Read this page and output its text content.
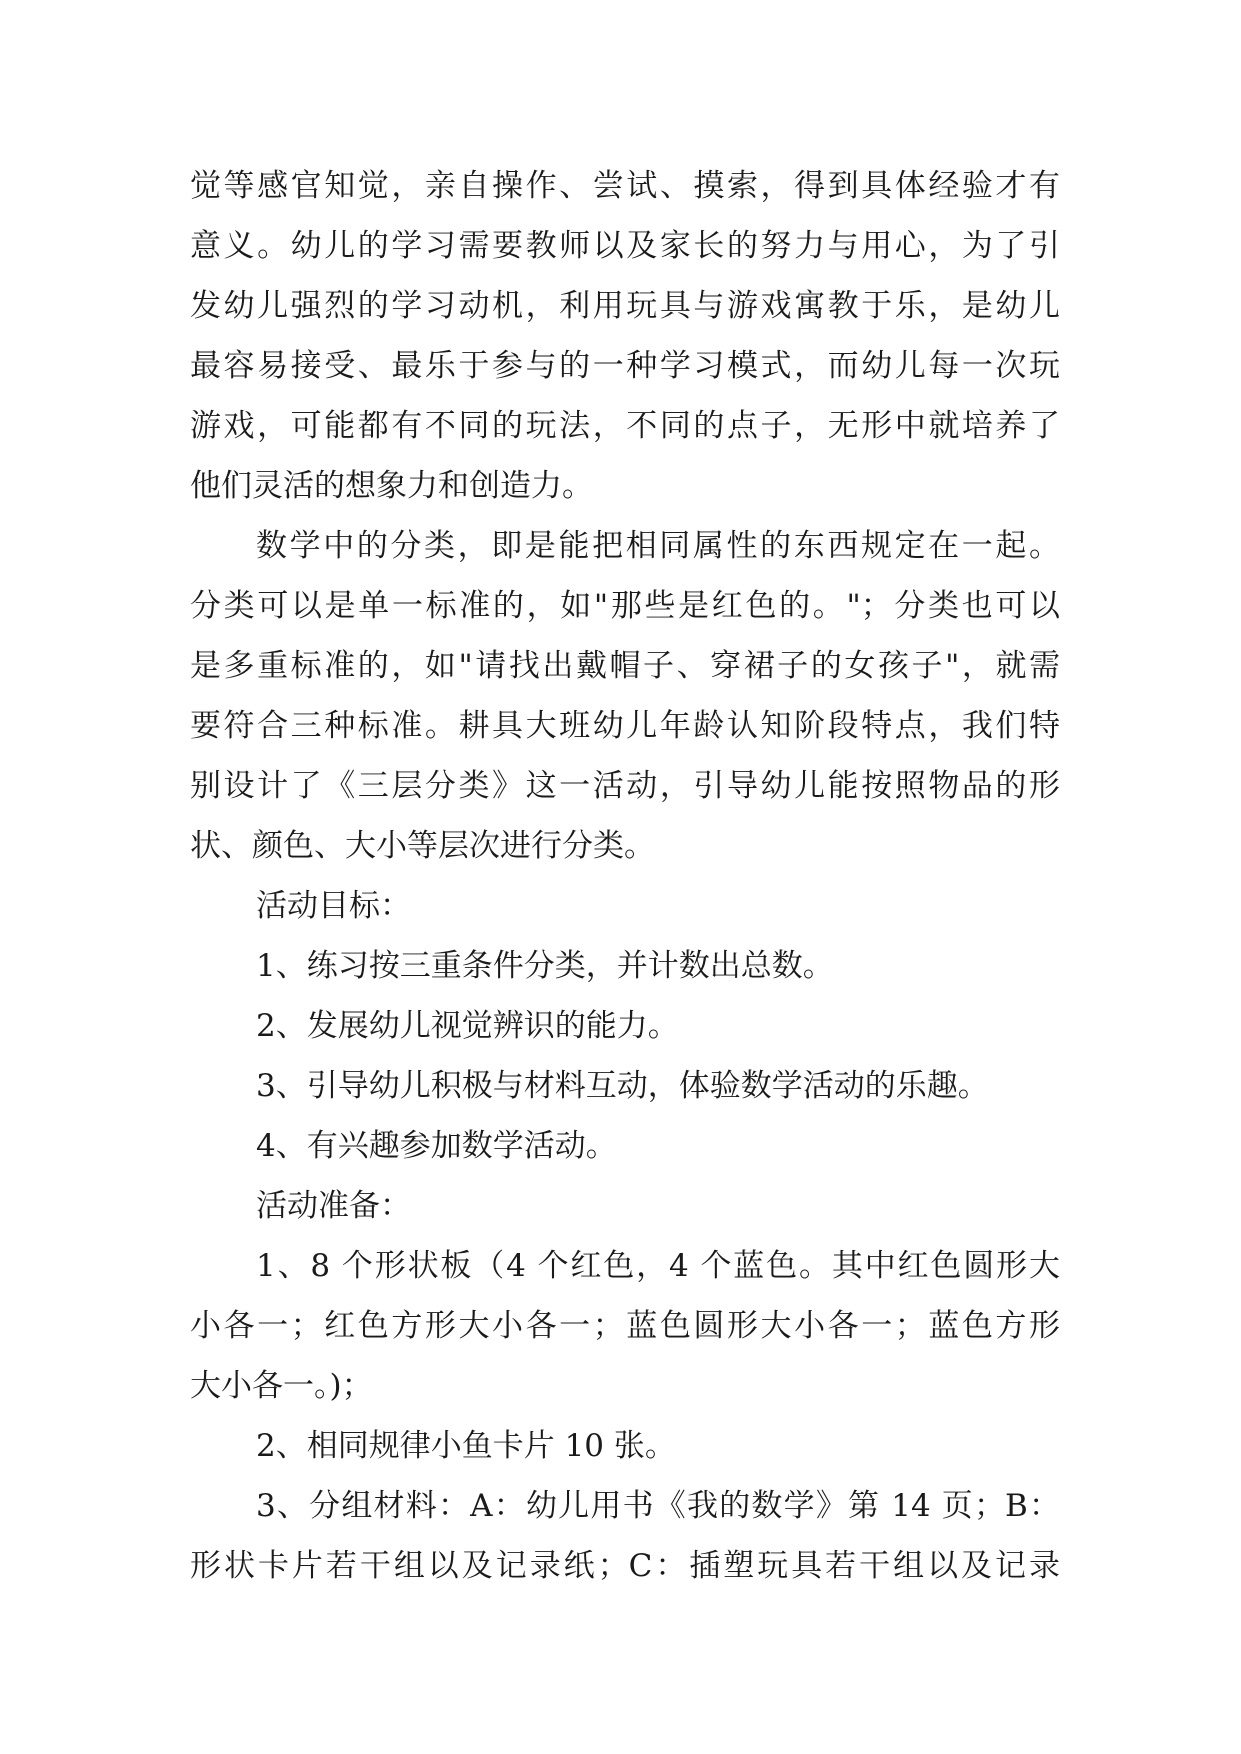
觉等感官知觉，亲自操作、尝试、摸索，得到具体经验才有
意义。幼儿的学习需要教师以及家长的努力与用心，为了引
发幼儿强烈的学习动机，利用玩具与游戏寓教于乐，是幼儿
最容易接受、最乐于参与的一种学习模式，而幼儿每一次玩
游戏，可能都有不同的玩法，不同的点子，无形中就培养了
他们灵活的想象力和创造力。
数学中的分类，即是能把相同属性的东西规定在一起。
分类可以是单一标准的，如"那些是红色的。"；分类也可以
是多重标准的，如"请找出戴帽子、穿裙子的女孩子"，就需
要符合三种标准。耕具大班幼儿年龄认知阶段特点，我们特
别设计了《三层分类》这一活动，引导幼儿能按照物品的形
状、颜色、大小等层次进行分类。
活动目标：
1、练习按三重条件分类，并计数出总数。
2、发展幼儿视觉辨识的能力。
3、引导幼儿积极与材料互动，体验数学活动的乐趣。
4、有兴趣参加数学活动。
活动准备：
1、8 个形状板（4 个红色，4 个蓝色。其中红色圆形大
小各一；红色方形大小各一；蓝色圆形大小各一；蓝色方形
大小各一。)；
2、相同规律小鱼卡片 10 张。
3、分组材料：A：幼儿用书《我的数学》第 14 页；B：
形状卡片若干组以及记录纸；C：插塑玩具若干组以及记录
